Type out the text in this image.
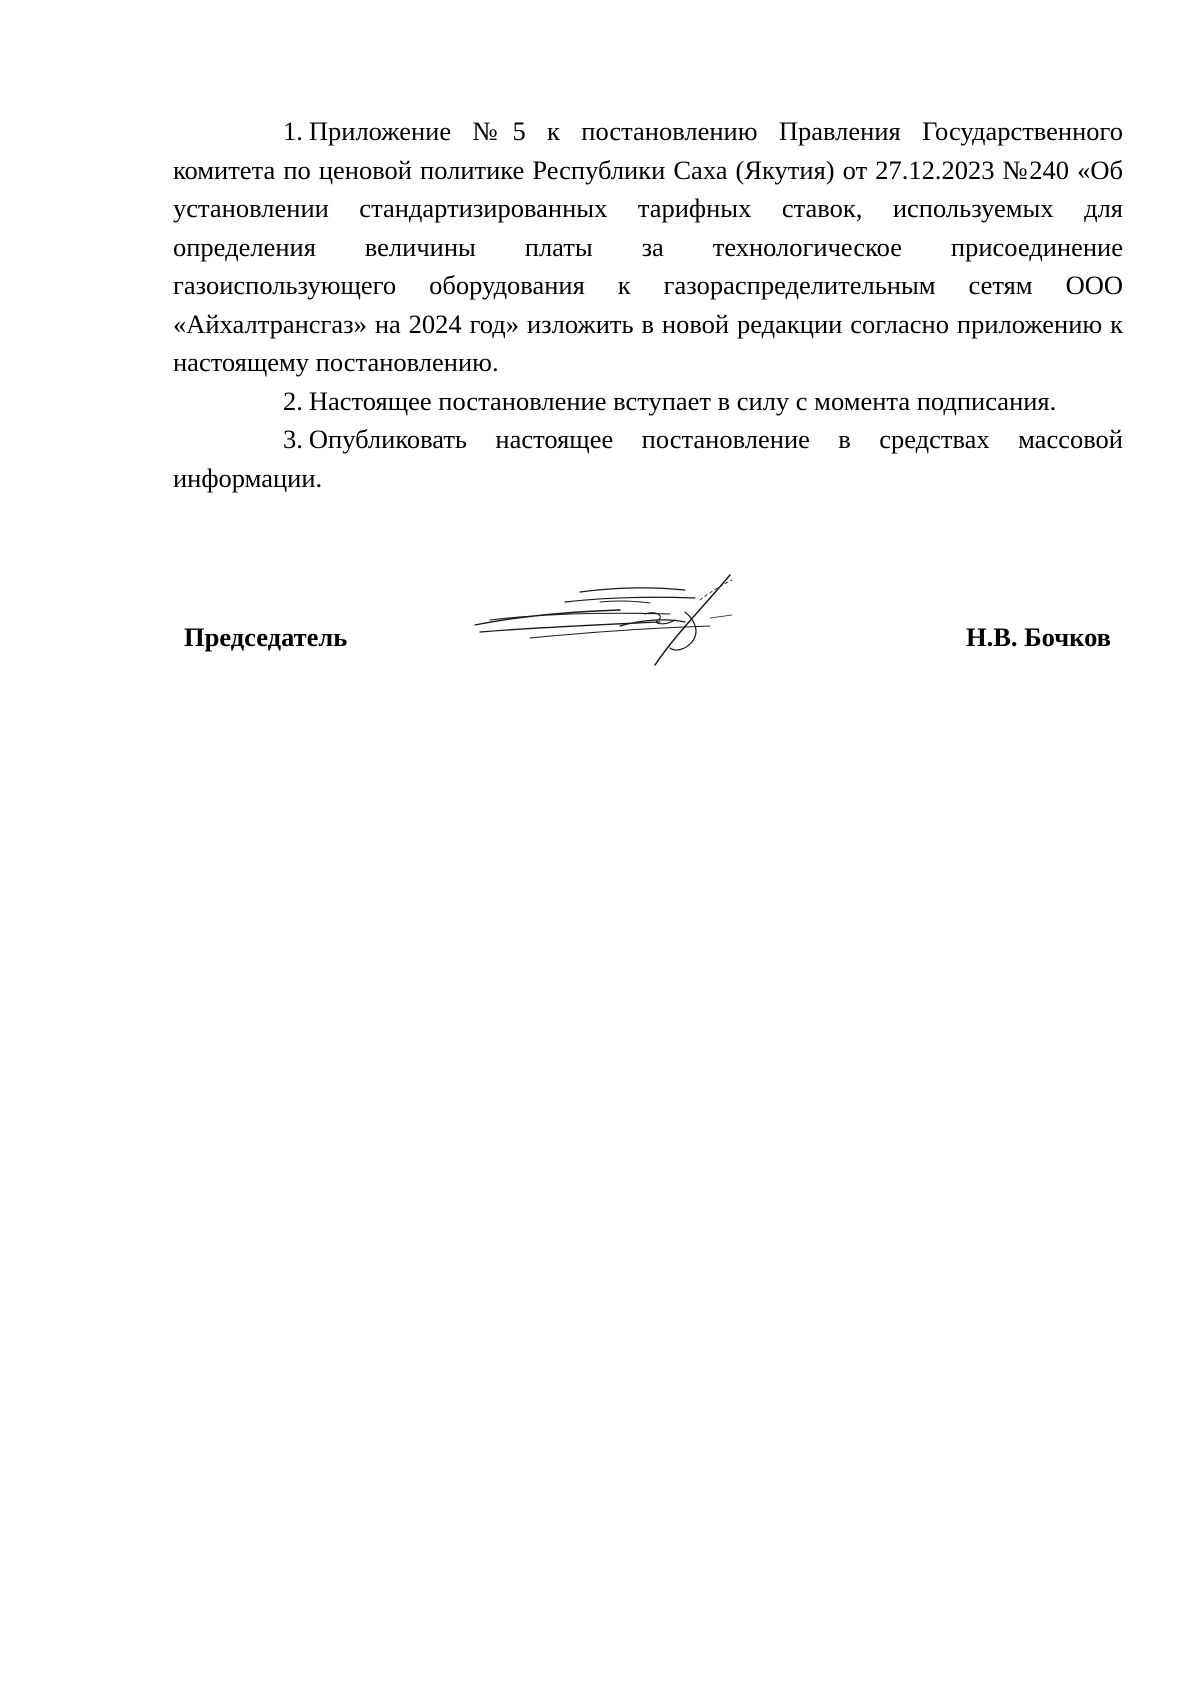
1. Приложение №5 к постановлению Правления Государственного комитета по ценовой политике Республики Саха (Якутия) от 27.12.2023 №240 «Об установлении стандартизированных тарифных ставок, используемых для определения величины платы за технологическое присоединение газоиспользующего оборудования к газораспределительным сетям ООО «Айхалтрансгаз» на 2024 год» изложить в новой редакции согласно приложению к настоящему постановлению.

2. Настоящее постановление вступает в силу с момента подписания.

3. Опубликовать настоящее постановление в средствах массовой информации.

Председатель	Н.В. Бочков
